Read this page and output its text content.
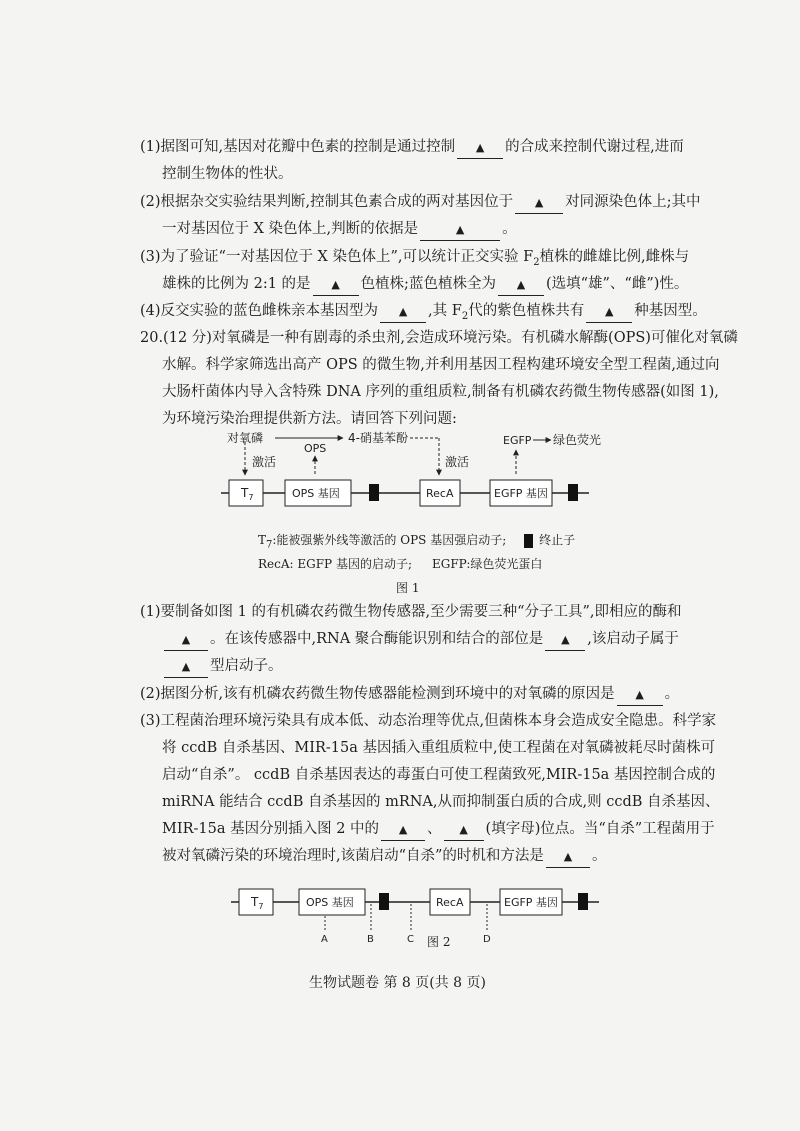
(1)据图可知,基因对花瓣中色素的控制是通过控制 ▲ 的合成来控制代谢过程,进而
控制生物体的性状。
(2)根据杂交实验结果判断,控制其色素合成的两对基因位于 ▲ 对同源染色体上;其中
一对基因位于 X 染色体上,判断的依据是	▲	。
(3)为了验证“一对基因位于 X 染色体上”,可以统计正交实验 $F_2$植株的雌雄比例,雌株与
雄株的比例为 2:1 的是 ▲ 色植株;蓝色植株全为 ▲ (选填“雄”、“雌”)性。
(4)反交实验的蓝色雌株亲本基因型为 ▲ ,其 $F_2$代的紫色植株共有 ▲ 种基因型。
20.(12 分)对氧磷是一种有剧毒的杀虫剂,会造成环境污染。有机磷水解酶(OPS)可催化对氧磷
水解。科学家筛选出高产 OPS 的微生物,并利用基因工程构建环境安全型工程菌,通过向
大肠杆菌体内导入含特殊 DNA 序列的重组质粒,制备有机磷农药微生物传感器(如图 1),
为环境污染治理提供新方法。请回答下列问题:
对氧磷	4-硝基苯酚
激活
激活
OPS
EGFP 绿色荧光
$T_7$	OPS 基因	RecA	EGFP 基因
$T_7$:能被强紫外线等激活的 OPS 基因强启动子;	终止子
RecA: EGFP 基因的启动子; EGFP:绿色荧光蛋白
图 1
(1)要制备如图 1 的有机磷农药微生物传感器,至少需要三种“分子工具”,即相应的酶和
▲ 。在该传感器中,RNA 聚合酶能识别和结合的部位是 ▲ ,该启动子属于
▲ 型启动子。
(2)据图分析,该有机磷农药微生物传感器能检测到环境中的对氧磷的原因是 ▲ 。
(3)工程菌治理环境污染具有成本低、动态治理等优点,但菌株本身会造成安全隐患。科学家
将 ccdB 自杀基因、MIR-15a 基因插入重组质粒中,使工程菌在对氧磷被耗尽时菌株可
启动“自杀”。 ccdB 自杀基因表达的毒蛋白可使工程菌致死,MIR-15a 基因控制合成的
miRNA 能结合 ccdB 自杀基因的 mRNA,从而抑制蛋白质的合成,则 ccdB 自杀基因、
MIR-15a 基因分别插入图 2 中的 ▲ 、 ▲ (填字母)位点。当“自杀”工程菌用于
被对氧磷污染的环境治理时,该菌启动“自杀”的时机和方法是 ▲ 。
$T_7$	OPS 基因	RecA	EGFP 基因
A	B	C	D
图 2
生物试题卷 第 8 页(共 8 页)
